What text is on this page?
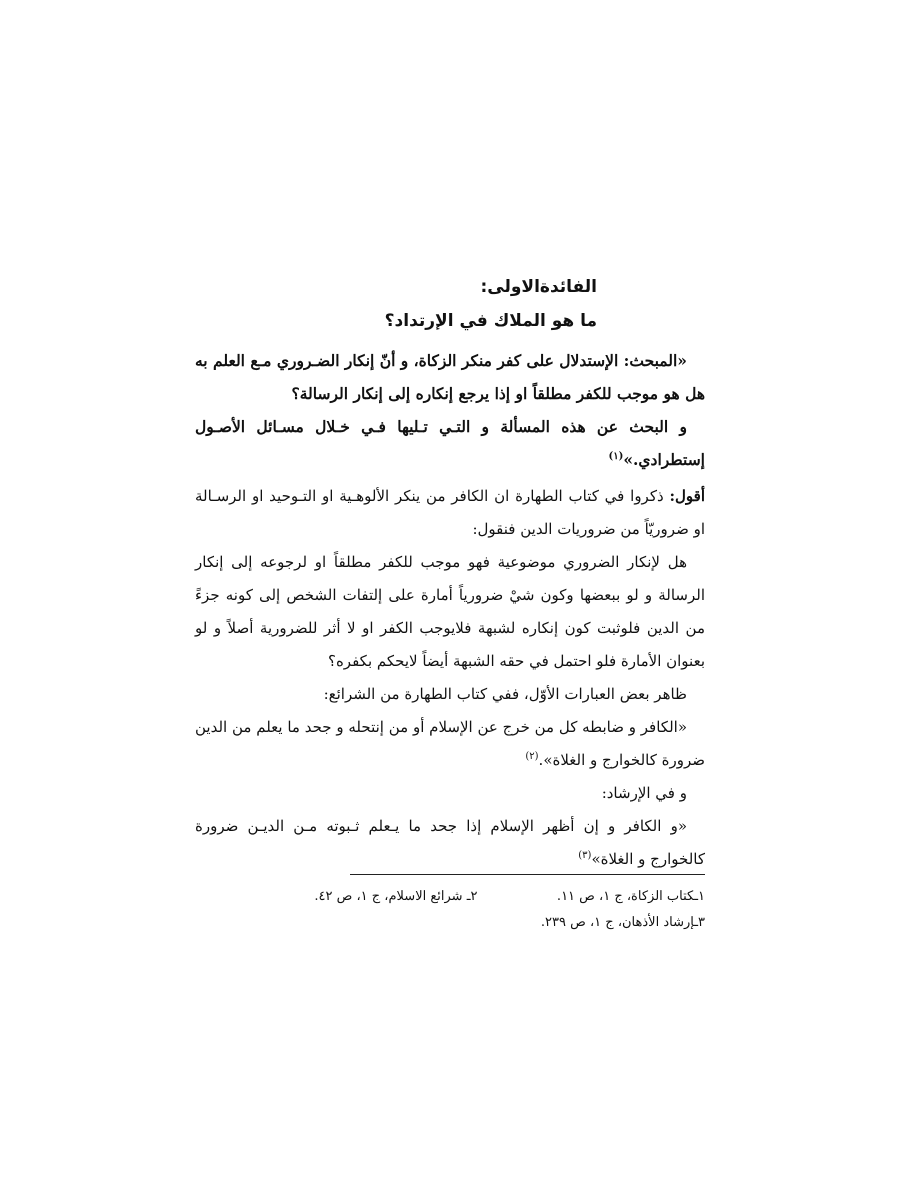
الفائدةالاولى:

ما هو الملاك في الإرتداد؟

«المبحث: الإستدلال على كفر منكر الزكاة، و أنّ إنكار الضـروري مـع العلم به هل هو موجب للكفر مطلقاً او إذا يرجع إنكاره إلى إنكار الرسالة؟

و البحث عن هذه المسألة و التـي تـليها فـي خـلال مسـائل الأصـول إستطرادي.»$^{(١)}$

أقول: ذكروا في كتاب الطهارة ان الكافر من ينكر الألوهـية او التـوحيد او الرسـالة او ضروريّاً من ضروريات الدين فنقول:

هل لإنكار الضروري موضوعية فهو موجب للكفر مطلقاً او لرجوعه إلى إنكار الرسالة و لو ببعضها وكون شيْ ضرورياً أمارة على إلتفات الشخص إلى كونه جزءً من الدين فلوثبت كون إنكاره لشبهة فلايوجب الكفر او لا أثر للضرورية أصلاً و لو بعنوان الأمارة فلو احتمل في حقه الشبهة أيضاً لايحكم بكفره؟

ظاهر بعض العبارات الأوّل، ففي كتاب الطهارة من الشرائع:

«الكافر و ضابطه كل من خرج عن الإسلام أو من إنتحله و جحد ما يعلم من الدين ضرورة كالخوارج و الغلاة».$^{(٢)}$

و في الإرشاد:

«و الكافر و إن أظهر الإسلام إذا جحد ما يـعلم ثـبوته مـن الديـن ضرورة كالخوارج و الغلاة»$^{(٣)}$

١ـكتاب الزكاة، ج ١، ص ١١.
٢ـ شرائع الاسلام، ج ١، ص ٤٢.
٣ـإرشاد الأذهان، ج ١، ص ٢٣٩.
